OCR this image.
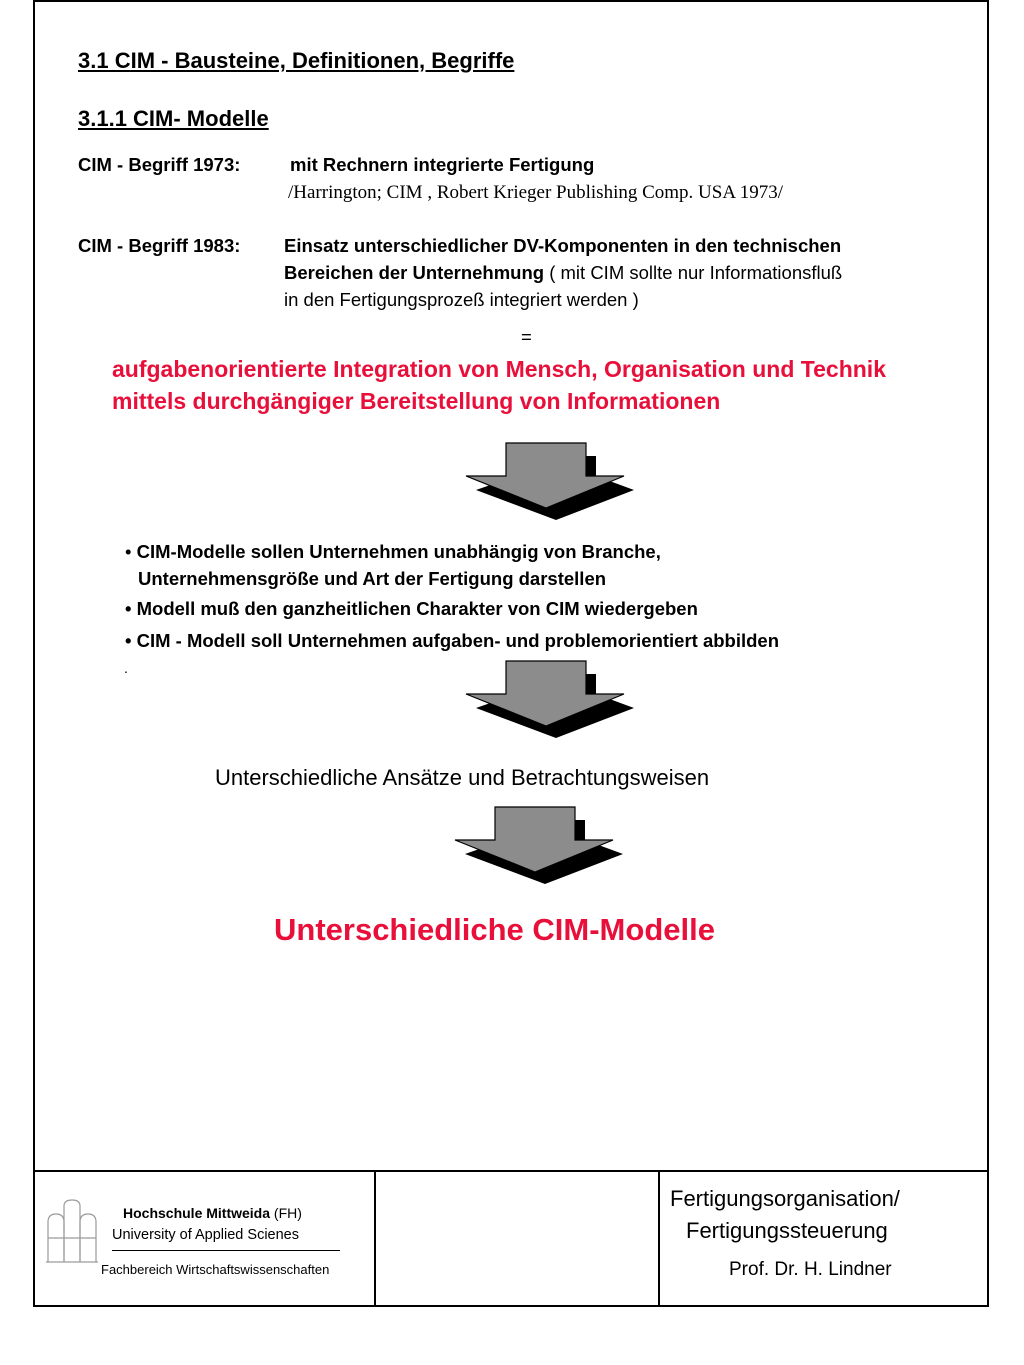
3.1 CIM - Bausteine, Definitionen, Begriffe
3.1.1 CIM- Modelle
CIM - Begriff 1973:	mit Rechnern integrierte Fertigung
/Harrington; CIM , Robert Krieger Publishing Comp. USA 1973/
CIM - Begriff 1983: Einsatz unterschiedlicher DV-Komponenten in den technischen
Bereichen der Unternehmung ( mit CIM sollte nur Informationsfluß
in den Fertigungsprozeß integriert werden )
=
aufgabenorientierte Integration von Mensch, Organisation und Technik
mittels durchgängiger Bereitstellung von Informationen
• CIM-Modelle sollen Unternehmen unabhängig von Branche,
Unternehmensgröße und Art der Fertigung darstellen
• Modell muß den ganzheitlichen Charakter von CIM wiedergeben
• CIM - Modell soll Unternehmen aufgaben- und problemorientiert abbilden
.
Unterschiedliche Ansätze und Betrachtungsweisen
Unterschiedliche CIM-Modelle
Hochschule Mittweida (FH)
University of Applied Scienes
Fachbereich Wirtschaftswissenschaften
Fertigungsorganisation/
Fertigungssteuerung
Prof. Dr. H. Lindner
